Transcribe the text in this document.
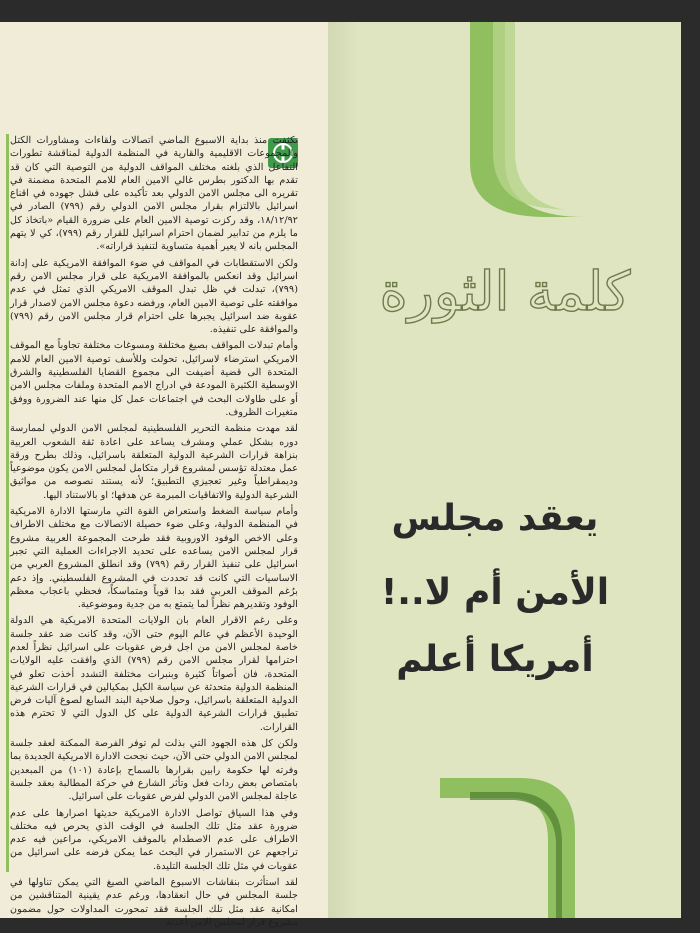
كلمة الثورة
يعقد مجلس الأمن أم لا..!
أمريكا أعلم

تكثفت منذ بداية الاسبوع الماضي اتصالات ولقاءات ومشاورات الكتل والمجموعات الاقليمية والقارية في المنظمة الدولية لمناقشة تطورات التفاعل الذي بلغته مختلف المواقف الدولية من التوصية التي كان قد تقدم بها الدكتور بطرس غالي الامين العام للامم المتحدة مضمنة في تقريره الى مجلس الامن الدولي بعد تأكيده على فشل جهوده في اقناع اسرائيل بالالتزام بقرار مجلس الامن الدولي رقم (٧٩٩) الصادر في ١٨/١٢/٩٢، وقد ركزت توصية الامين العام على ضرورة القيام «باتخاذ كل ما يلزم من تدابير لضمان احترام اسرائيل للقرار رقم (٧٩٩)، كي لا يتهم المجلس بانه لا يعير أهمية متساوية لتنفيذ قراراته».

ولكن الاستقطابات في المواقف في ضوء الموافقة الامريكية على إدانة اسرائيل وقد انعكس بالموافقة الامريكية على قرار مجلس الامن رقم (٧٩٩)، تبدلت في ظل تبدل الموقف الامريكي الذي تمثل في عدم موافقته على توصية الامين العام، ورفضه دعوة مجلس الامن لاصدار قرار عقوبة ضد اسرائيل يجبرها على احترام قرار مجلس الامن رقم (٧٩٩) والموافقة على تنفيذه.

وأمام تبدلات المواقف بصيغ مختلفة ومسوغات مختلفة تجاوباً مع الموقف الامريكي استرضاء لاسرائيل، تحولت وللأسف توصية الامين العام للامم المتحدة الى قضية أضيفت الى مجموع القضايا الفلسطينية والشرق الاوسطية الكثيرة المودعة في ادراج الامم المتحدة وملفات مجلس الامن أو على طاولات البحث في اجتماعات عمل كل منها عند الضرورة ووفق متغيرات الظروف.

لقد مهدت منظمة التحرير الفلسطينية لمجلس الامن الدولي لممارسة دوره بشكل عملي ومشرف يساعد على اعادة ثقة الشعوب العربية بنزاهة قرارات الشرعية الدولية المتعلقة باسرائيل، وذلك بطرح ورقة عمل معتدلة تؤسس لمشروع قرار متكامل لمجلس الامن يكون موضوعياً وديمقراطياً وغير تعجيزي التطبيق؛ لأنه يستند نصوصه من مواثيق الشرعية الدولية والاتفاقيات المبرمة عن هدفها؛ او بالاستناد اليها.

وأمام سياسة الضغط واستعراض القوة التي مارستها الادارة الامريكية في المنظمة الدولية، وعلى ضوء حصيلة الاتصالات مع مختلف الاطراف وعلى الاخص الوفود الاوروبية فقد طرحت المجموعة العربية مشروع قرار لمجلس الامن يساعده على تحديد الاجراءات العملية التي تجبر اسرائيل على تنفيذ القرار رقم (٧٩٩) وقد انطلق المشروع العربي من الاساسيات التي كانت قد تحددت في المشروع الفلسطيني. وإذ دعم برُغم الموقف العربي فقد بدا قوياً ومتماسكاً، فحظي باعجاب معظم الوفود وتقديرهم نظراً لما يتمتع به من جدية وموضوعية.

وعلى رغم الاقرار العام بان الولايات المتحدة الامريكية هي الدولة الوحيدة الأعظم في عالم اليوم حتى الآن، وقد كانت ضد عقد جلسة خاصة لمجلس الامن من اجل فرض عقوبات على اسرائيل نظراً لعدم احترامها لقرار مجلس الامن رقم (٧٩٩) الذي وافقت عليه الولايات المتحدة، فان أصواتاً كثيرة وبنبرات مختلفة التشدد أخذت تعلو في المنظمة الدولية متحدثة عن سياسة الكيل بمكيالين في قرارات الشرعية الدولية المتعلقة باسرائيل، وحول صلاحية البند السابع لصوغ آليات فرض تطبيق قرارات الشرعية الدولية على كل الدول التي لا تحترم هذه القرارات.

ولكن كل هذه الجهود التي بذلت لم توفر الفرصة الممكنة لعقد جلسة لمجلس الامن الدولي حتى الآن، حيث نجحت الادارة الامريكية الجديدة بما وفرته لها حكومة رابين بقرارها بالسماح بإعادة (١٠١) من المبعدين بامتصاص بعض ردات فعل وتأثر الشارع في حركة المطالبة بعقد جلسة عاجلة لمجلس الامن الدولي لفرض عقوبات على اسرائيل.

وفي هذا السياق تواصل الادارة الامريكية حديثها اصرارها على عدم ضرورة عقد مثل تلك الجلسة في الوقت الذي يحرص فيه مختلف الاطراف على عدم الاصطدام بالموقف الامريكي، مراعين فيه عدم تراجعهم عن الاستمرار في البحث عما يمكن فرضه على اسرائيل من عقوبات في مثل تلك الجلسة التليدة.

لقد استأثرت بنقاشات الاسبوع الماضي الصيغ التي يمكن تناولها في جلسة المجلس في حال انعقادها، ورغم عدم يقينية المتناقشين من امكانية عقد مثل تلك الجلسة فقد تمحورت المداولات حول مضمون مشروع قرار لمجلس الامن أعدته
